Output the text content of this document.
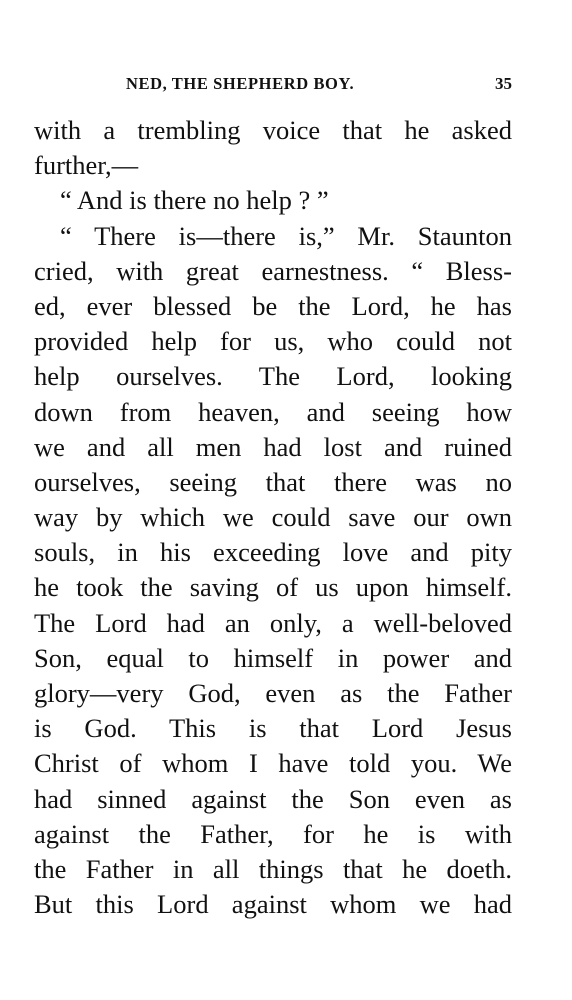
NED, THE SHEPHERD BOY.	35
with a trembling voice that he asked
further,—
“ And is there no help ? ”
“ There is—there is,” Mr. Staunton
cried, with great earnestness. “ Bless-
ed, ever blessed be the Lord, he has
provided help for us, who could not
help ourselves. The Lord, looking
down from heaven, and seeing how
we and all men had lost and ruined
ourselves, seeing that there was no
way by which we could save our own
souls, in his exceeding love and pity
he took the saving of us upon himself.
The Lord had an only, a well-beloved
Son, equal to himself in power and
glory—very God, even as the Father
is God. This is that Lord Jesus
Christ of whom I have told you. We
had sinned against the Son even as
against the Father, for he is with
the Father in all things that he doeth.
But this Lord against whom we had
